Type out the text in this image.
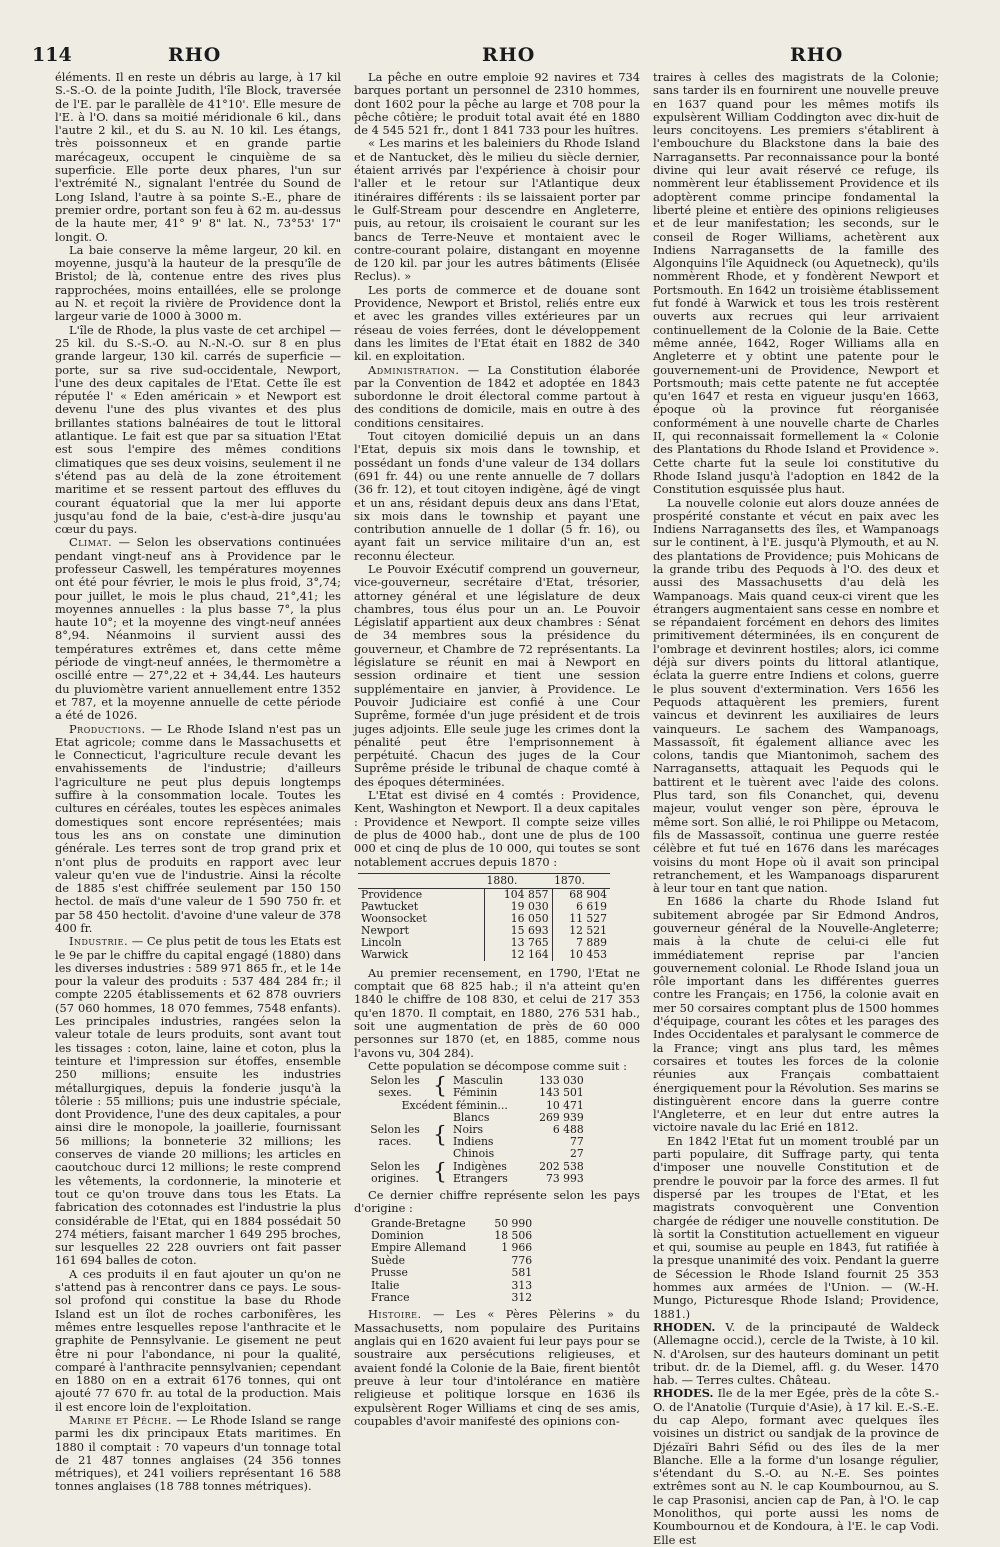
114	RHO	RHO	RHO

éléments. Il en reste un débris au large, à 17 kil S.-S.-O. de la pointe Judith, l'île Block, traversée de l'E. par le parallèle de 41°10'. Elle mesure de l'E. à l'O. dans sa moitié méridionale 6 kil., dans l'autre 2 kil., et du S. au N. 10 kil. Les étangs, très poissonneux et en grande partie marécageux, occupent le cinquième de sa superficie. Elle porte deux phares, l'un sur l'extrémité N., signalant l'entrée du Sound de Long Island, l'autre à sa pointe S.-E., phare de premier ordre, portant son feu à 62 m. au-dessus de la haute mer, 41° 9' 8" lat. N., 73°53' 17" longit. O.

La baie conserve la même largeur, 20 kil. en moyenne, jusqu'à la hauteur de la presqu'île de Bristol; de là, contenue entre des rives plus rapprochées, moins entaillées, elle se prolonge au N. et reçoit la rivière de Providence dont la largeur varie de 1000 à 3000 m.

L'île de Rhode, la plus vaste de cet archipel — 25 kil. du S.-S.-O. au N.-N.-O. sur 8 en plus grande largeur, 130 kil. carrés de superficie — porte, sur sa rive sud-occidentale, Newport, l'une des deux capitales de l'Etat. Cette île est réputée l' « Eden américain » et Newport est devenu l'une des plus vivantes et des plus brillantes stations balnéaires de tout le littoral atlantique. Le fait est que par sa situation l'Etat est sous l'empire des mêmes conditions climatiques que ses deux voisins, seulement il ne s'étend pas au delà de la zone étroitement maritime et se ressent partout des effluves du courant équatorial que la mer lui apporte jusqu'au fond de la baie, c'est-à-dire jusqu'au cœur du pays.

Climat. — Selon les observations continuées pendant vingt-neuf ans à Providence par le professeur Caswell, les températures moyennes ont été pour février, le mois le plus froid, 3°,74; pour juillet, le mois le plus chaud, 21°,41; les moyennes annuelles : la plus basse 7°, la plus haute 10°; et la moyenne des vingt-neuf années 8°,94. Néanmoins il survient aussi des températures extrêmes et, dans cette même période de vingt-neuf années, le thermomètre a oscillé entre — 27°,22 et + 34,44. Les hauteurs du pluviomètre varient annuellement entre 1352 et 787, et la moyenne annuelle de cette période a été de 1026.

Productions. — Le Rhode Island n'est pas un Etat agricole; comme dans le Massachusetts et le Connecticut, l'agriculture recule devant les envahissements de l'industrie; d'ailleurs l'agriculture ne peut plus depuis longtemps suffire à la consommation locale. Toutes les cultures en céréales, toutes les espèces animales domestiques sont encore représentées; mais tous les ans on constate une diminution générale. Les terres sont de trop grand prix et n'ont plus de produits en rapport avec leur valeur qu'en vue de l'industrie. Ainsi la récolte de 1885 s'est chiffrée seulement par 150 150 hectol. de maïs d'une valeur de 1 590 750 fr. et par 58 450 hectolit. d'avoine d'une valeur de 378 400 fr.

Industrie. — Ce plus petit de tous les Etats est le 9e par le chiffre du capital engagé (1880) dans les diverses industries : 589 971 865 fr., et le 14e pour la valeur des produits : 537 484 284 fr.; il compte 2205 établissements et 62 878 ouvriers (57 060 hommes, 18 070 femmes, 7548 enfants). Les principales industries, rangées selon la valeur totale de leurs produits, sont avant tout les tissages : coton, laine, laine et coton, plus la teinture et l'impression sur étoffes, ensemble 250 millions; ensuite les industries métallurgiques, depuis la fonderie jusqu'à la tôlerie : 55 millions; puis une industrie spéciale, dont Providence, l'une des deux capitales, a pour ainsi dire le monopole, la joaillerie, fournissant 56 millions; la bonneterie 32 millions; les conserves de viande 20 millions; les articles en caoutchouc durci 12 millions; le reste comprend les vêtements, la cordonnerie, la minoterie et tout ce qu'on trouve dans tous les Etats. La fabrication des cotonnades est l'industrie la plus considérable de l'Etat, qui en 1884 possédait 50 274 métiers, faisant marcher 1 649 295 broches, sur lesquelles 22 228 ouvriers ont fait passer 161 694 balles de coton.

A ces produits il en faut ajouter un qu'on ne s'attend pas à rencontrer dans ce pays. Le sous-sol profond qui constitue la base du Rhode Island est un îlot de roches carbonifères, les mêmes entre lesquelles repose l'anthracite et le graphite de Pennsylvanie. Le gisement ne peut être ni pour l'abondance, ni pour la qualité, comparé à l'anthracite pennsylvanien; cependant en 1880 on en a extrait 6176 tonnes, qui ont ajouté 77 670 fr. au total de la production. Mais il est encore loin de l'exploitation.

Marine et Pêche. — Le Rhode Island se range parmi les dix principaux Etats maritimes. En 1880 il comptait : 70 vapeurs d'un tonnage total de 21 487 tonnes anglaises (24 356 tonnes métriques), et 241 voiliers représentant 16 588 tonnes anglaises (18 788 tonnes métriques).

La pêche en outre emploie 92 navires et 734 barques portant un personnel de 2310 hommes, dont 1602 pour la pêche au large et 708 pour la pêche côtière; le produit total avait été en 1880 de 4 545 521 fr., dont 1 841 733 pour les huîtres.

« Les marins et les baleiniers du Rhode Island et de Nantucket, dès le milieu du siècle dernier, étaient arrivés par l'expérience à choisir pour l'aller et le retour sur l'Atlantique deux itinéraires différents : ils se laissaient porter par le Gulf-Stream pour descendre en Angleterre, puis, au retour, ils croisaient le courant sur les bancs de Terre-Neuve et montaient avec le contre-courant polaire, distangant en moyenne de 120 kil. par jour les autres bâtiments (Elisée Reclus). »

Les ports de commerce et de douane sont Providence, Newport et Bristol, reliés entre eux et avec les grandes villes extérieures par un réseau de voies ferrées, dont le développement dans les limites de l'Etat était en 1882 de 340 kil. en exploitation.

Administration. — La Constitution élaborée par la Convention de 1842 et adoptée en 1843 subordonne le droit électoral comme partout à des conditions de domicile, mais en outre à des conditions censitaires.

Tout citoyen domicilié depuis un an dans l'Etat, depuis six mois dans le township, et possédant un fonds d'une valeur de 134 dollars (691 fr. 44) ou une rente annuelle de 7 dollars (36 fr. 12), et tout citoyen indigène, âgé de vingt et un ans, résidant depuis deux ans dans l'Etat, six mois dans le township et payant une contribution annuelle de 1 dollar (5 fr. 16), ou ayant fait un service militaire d'un an, est reconnu électeur.

Le Pouvoir Exécutif comprend un gouverneur, vice-gouverneur, secrétaire d'Etat, trésorier, attorney général et une législature de deux chambres, tous élus pour un an. Le Pouvoir Législatif appartient aux deux chambres : Sénat de 34 membres sous la présidence du gouverneur, et Chambre de 72 représentants. La législature se réunit en mai à Newport en session ordinaire et tient une session supplémentaire en janvier, à Providence. Le Pouvoir Judiciaire est confié à une Cour Suprême, formée d'un juge président et de trois juges adjoints. Elle seule juge les crimes dont la pénalité peut être l'emprisonnement à perpétuité. Chacun des juges de la Cour Suprême préside le tribunal de chaque comté à des époques déterminées.

L'Etat est divisé en 4 comtés : Providence, Kent, Washington et Newport. Il a deux capitales : Providence et Newport. Il compte seize villes de plus de 4000 hab., dont une de plus de 100 000 et cinq de plus de 10 000, qui toutes se sont notablement accrues depuis 1870 :

	1880.	1870.
Providence	104 857	68 904
Pawtucket	19 030	6 619
Woonsocket	16 050	11 527
Newport	15 693	12 521
Lincoln	13 765	7 889
Warwick	12 164	10 453

Au premier recensement, en 1790, l'Etat ne comptait que 68 825 hab.; il n'a atteint qu'en 1840 le chiffre de 108 830, et celui de 217 353 qu'en 1870. Il comptait, en 1880, 276 531 hab., soit une augmentation de près de 60 000 personnes sur 1870 (et, en 1885, comme nous l'avons vu, 304 284).

Cette population se décompose comme suit :

Selon les sexes.	{	Masculin	133 030
		Féminin	143 501
Excédent féminin...			10 471
Selon les races.	{	Blancs	269 939
		Noirs	6 488
		Indiens	77
		Chinois	27
Selon les origines.	{	Indigènes	202 538
		Etrangers	73 993

Ce dernier chiffre représente selon les pays d'origine :

Grande-Bretagne	50 990
Dominion	18 506
Empire Allemand	1 966
Suède	776
Prusse	581
Italie	313
France	312

Histoire. — Les « Pères Pèlerins » du Massachusetts, nom populaire des Puritains anglais qui en 1620 avaient fui leur pays pour se soustraire aux persécutions religieuses, et avaient fondé la Colonie de la Baie, firent bientôt preuve à leur tour d'intolérance en matière religieuse et politique lorsque en 1636 ils expulsèrent Roger Williams et cinq de ses amis, coupables d'avoir manifesté des opinions con-

traires à celles des magistrats de la Colonie; sans tarder ils en fournirent une nouvelle preuve en 1637 quand pour les mêmes motifs ils expulsèrent William Coddington avec dix-huit de leurs concitoyens. Les premiers s'établirent à l'embouchure du Blackstone dans la baie des Narragansetts. Par reconnaissance pour la bonté divine qui leur avait réservé ce refuge, ils nommèrent leur établissement Providence et ils adoptèrent comme principe fondamental la liberté pleine et entière des opinions religieuses et de leur manifestation; les seconds, sur le conseil de Roger Williams, achetèrent aux Indiens Narragansetts de la famille des Algonquins l'île Aquidneck (ou Aquetneck), qu'ils nommèrent Rhode, et y fondèrent Newport et Portsmouth. En 1642 un troisième établissement fut fondé à Warwick et tous les trois restèrent ouverts aux recrues qui leur arrivaient continuellement de la Colonie de la Baie. Cette même année, 1642, Roger Williams alla en Angleterre et y obtint une patente pour le gouvernement-uni de Providence, Newport et Portsmouth; mais cette patente ne fut acceptée qu'en 1647 et resta en vigueur jusqu'en 1663, époque où la province fut réorganisée conformément à une nouvelle charte de Charles II, qui reconnaissait formellement la « Colonie des Plantations du Rhode Island et Providence ». Cette charte fut la seule loi constitutive du Rhode Island jusqu'à l'adoption en 1842 de la Constitution esquissée plus haut.

La nouvelle colonie eut alors douze années de prospérité constante et vécut en paix avec les Indiens Narragansetts des îles, et Wampanoags sur le continent, à l'E. jusqu'à Plymouth, et au N. des plantations de Providence; puis Mohicans de la grande tribu des Pequods à l'O. des deux et aussi des Massachusetts d'au delà les Wampanoags. Mais quand ceux-ci virent que les étrangers augmentaient sans cesse en nombre et se répandaient forcément en dehors des limites primitivement déterminées, ils en conçurent de l'ombrage et devinrent hostiles; alors, ici comme déjà sur divers points du littoral atlantique, éclata la guerre entre Indiens et colons, guerre le plus souvent d'extermination. Vers 1656 les Pequods attaquèrent les premiers, furent vaincus et devinrent les auxiliaires de leurs vainqueurs. Le sachem des Wampanoags, Massassoït, fit également alliance avec les colons, tandis que Miantonimoh, sachem des Narragansetts, attaquait les Pequods qui le battirent et le tuèrent avec l'aide des colons. Plus tard, son fils Conanchet, qui, devenu majeur, voulut venger son père, éprouva le même sort. Son allié, le roi Philippe ou Metacom, fils de Massassoït, continua une guerre restée célèbre et fut tué en 1676 dans les marécages voisins du mont Hope où il avait son principal retranchement, et les Wampanoags disparurent à leur tour en tant que nation.

En 1686 la charte du Rhode Island fut subitement abrogée par Sir Edmond Andros, gouverneur général de la Nouvelle-Angleterre; mais à la chute de celui-ci elle fut immédiatement reprise par l'ancien gouvernement colonial. Le Rhode Island joua un rôle important dans les différentes guerres contre les Français; en 1756, la colonie avait en mer 50 corsaires comptant plus de 1500 hommes d'équipage, courant les côtes et les parages des Indes Occidentales et paralysant le commerce de la France; vingt ans plus tard, les mêmes corsaires et toutes les forces de la colonie réunies aux Français combattaient énergiquement pour la Révolution. Ses marins se distinguèrent encore dans la guerre contre l'Angleterre, et en leur dut entre autres la victoire navale du lac Erié en 1812.

En 1842 l'Etat fut un moment troublé par un parti populaire, dit Suffrage party, qui tenta d'imposer une nouvelle Constitution et de prendre le pouvoir par la force des armes. Il fut dispersé par les troupes de l'Etat, et les magistrats convoquèrent une Convention chargée de rédiger une nouvelle constitution. De là sortit la Constitution actuellement en vigueur et qui, soumise au peuple en 1843, fut ratifiée à la presque unanimité des voix. Pendant la guerre de Sécession le Rhode Island fournit 25 353 hommes aux armées de l'Union. — (W.-H. Mungo, Picturesque Rhode Island; Providence, 1881.)

RHODEN. V. de la principauté de Waldeck (Allemagne occid.), cercle de la Twiste, à 10 kil. N. d'Arolsen, sur des hauteurs dominant un petit tribut. dr. de la Diemel, affl. g. du Weser. 1470 hab. — Terres cultes. Château.

RHODES. Ile de la mer Egée, près de la côte S.-O. de l'Anatolie (Turquie d'Asie), à 17 kil. E.-S.-E. du cap Alepo, formant avec quelques îles voisines un district ou sandjak de la province de Djézaïri Bahri Séfid ou des îles de la mer Blanche. Elle a la forme d'un losange régulier, s'étendant du S.-O. au N.-E. Ses pointes extrêmes sont au N. le cap Koumbournou, au S. le cap Prasonisi, ancien cap de Pan, à l'O. le cap Monolithos, qui porte aussi les noms de Koumbournou et de Kondoura, à l'E. le cap Vodi. Elle est
